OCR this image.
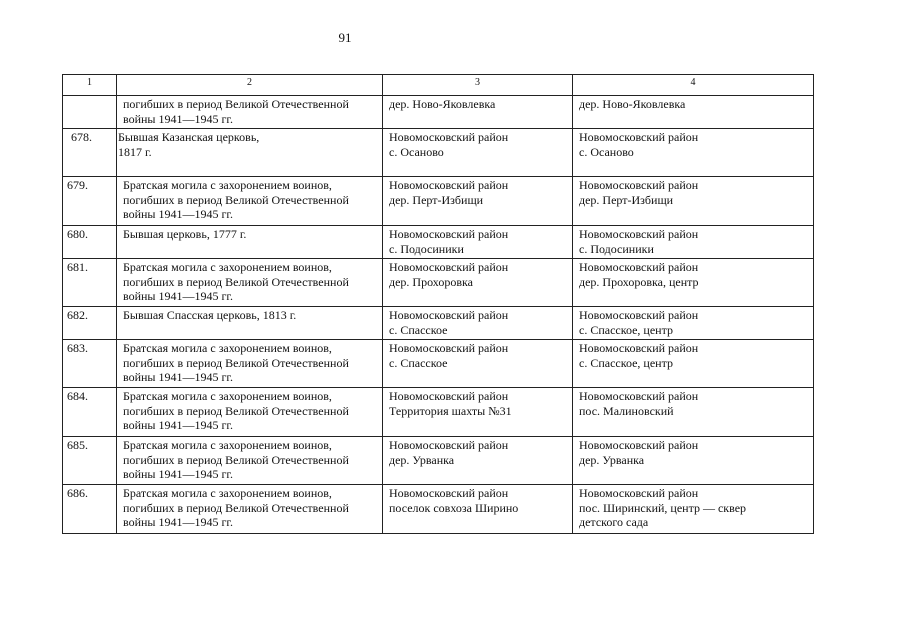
91
1	2	3	4

	погибших в период Великой Отечественной
войны 1941—1945 гг.	дер. Ново-Яковлевка	дер. Ново-Яковлевка

678.	Бывшая Казанская церковь,
1817 г.	Новомосковский район
с. Осаново	Новомосковский район
с. Осаново

679.	Братская могила с захоронением воинов,
погибших в период Великой Отечественной
войны 1941—1945 гг.	Новомосковский район
дер. Перт-Избищи	Новомосковский район
дер. Перт-Избищи

680.	Бывшая церковь, 1777 г.	Новомосковский район
с. Подосиники	Новомосковский район
с. Подосиники

681.	Братская могила с захоронением воинов,
погибших в период Великой Отечественной
войны 1941—1945 гг.	Новомосковский район
дер. Прохоровка	Новомосковский район
дер. Прохоровка, центр

682.	Бывшая Спасская церковь, 1813 г.	Новомосковский район
с. Спасское	Новомосковский район
с. Спасское, центр

683.	Братская могила с захоронением воинов,
погибших в период Великой Отечественной
войны 1941—1945 гг.	Новомосковский район
с. Спасское	Новомосковский район
с. Спасское, центр

684.	Братская могила с захоронением воинов,
погибших в период Великой Отечественной
войны 1941—1945 гг.	Новомосковский район
Территория шахты №31	Новомосковский район
пос. Малиновский

685.	Братская могила с захоронением воинов,
погибших в период Великой Отечественной
войны 1941—1945 гг.	Новомосковский район
дер. Урванка	Новомосковский район
дер. Урванка

686.	Братская могила с захоронением воинов,
погибших в период Великой Отечественной
войны 1941—1945 гг.	Новомосковский район
поселок совхоза Ширино	Новомосковский район
пос. Ширинский, центр — сквер
детского сада
